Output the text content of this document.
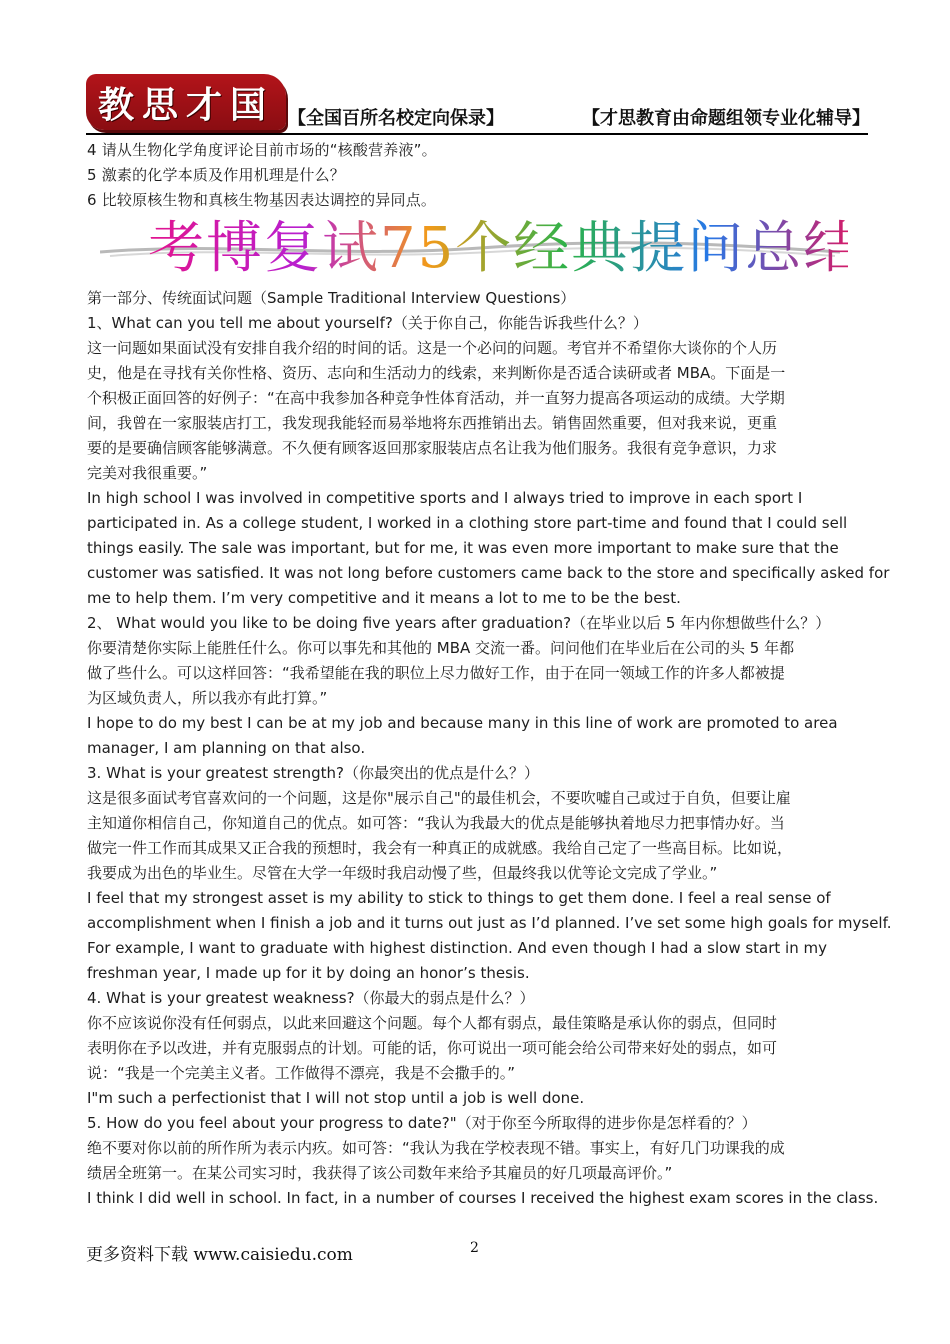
教思才国 【全国百所名校定向保录】	【才思教育由命题组领专业化辅导】
4 请从生物化学角度评论目前市场的“核酸营养液”。
5 激素的化学本质及作用机理是什么？
6 比较原核生物和真核生物基因表达调控的异同点。
考博复试75个经典提问总结
第一部分、传统面试问题（Sample Traditional Interview Questions）
1、What can you tell me about yourself?（关于你自己，你能告诉我些什么？）
这一问题如果面试没有安排自我介绍的时间的话。这是一个必问的问题。考官并不希望你大谈你的个人历
史，他是在寻找有关你性格、资历、志向和生活动力的线索，来判断你是否适合读研或者 MBA。下面是一
个积极正面回答的好例子：“在高中我参加各种竞争性体育活动，并一直努力提高各项运动的成绩。大学期
间，我曾在一家服装店打工，我发现我能轻而易举地将东西推销出去。销售固然重要，但对我来说，更重
要的是要确信顾客能够满意。不久便有顾客返回那家服装店点名让我为他们服务。我很有竞争意识，力求
完美对我很重要。”
In high school I was involved in competitive sports and I always tried to improve in each sport I
participated in. As a college student, I worked in a clothing store part-time and found that I could sell
things easily. The sale was important, but for me, it was even more important to make sure that the
customer was satisfied. It was not long before customers came back to the store and specifically asked for
me to help them. I’m very competitive and it means a lot to me to be the best.
2、 What would you like to be doing five years after graduation?（在毕业以后 5 年内你想做些什么？）
你要清楚你实际上能胜任什么。你可以事先和其他的 MBA 交流一番。问问他们在毕业后在公司的头 5 年都
做了些什么。可以这样回答：“我希望能在我的职位上尽力做好工作，由于在同一领域工作的许多人都被提
为区域负责人，所以我亦有此打算。”
I hope to do my best I can be at my job and because many in this line of work are promoted to area
manager, I am planning on that also.
3. What is your greatest strength?（你最突出的优点是什么？）
这是很多面试考官喜欢问的一个问题，这是你"展示自己"的最佳机会，不要吹嘘自己或过于自负，但要让雇
主知道你相信自己，你知道自己的优点。如可答：“我认为我最大的优点是能够执着地尽力把事情办好。当
做完一件工作而其成果又正合我的预想时，我会有一种真正的成就感。我给自己定了一些高目标。比如说，
我要成为出色的毕业生。尽管在大学一年级时我启动慢了些，但最终我以优等论文完成了学业。”
I feel that my strongest asset is my ability to stick to things to get them done. I feel a real sense of
accomplishment when I finish a job and it turns out just as I’d planned. I’ve set some high goals for myself.
For example, I want to graduate with highest distinction. And even though I had a slow start in my
freshman year, I made up for it by doing an honor’s thesis.
4. What is your greatest weakness?（你最大的弱点是什么？）
你不应该说你没有任何弱点，以此来回避这个问题。每个人都有弱点，最佳策略是承认你的弱点，但同时
表明你在予以改进，并有克服弱点的计划。可能的话，你可说出一项可能会给公司带来好处的弱点，如可
说：“我是一个完美主义者。工作做得不漂亮，我是不会撒手的。”
I"m such a perfectionist that I will not stop until a job is well done.
5. How do you feel about your progress to date?"（对于你至今所取得的进步你是怎样看的？）
绝不要对你以前的所作所为表示内疚。如可答：“我认为我在学校表现不错。事实上，有好几门功课我的成
绩居全班第一。在某公司实习时，我获得了该公司数年来给予其雇员的好几项最高评价。”
I think I did well in school. In fact, in a number of courses I received the highest exam scores in the class.
更多资料下载 www.caisiedu.com	2
